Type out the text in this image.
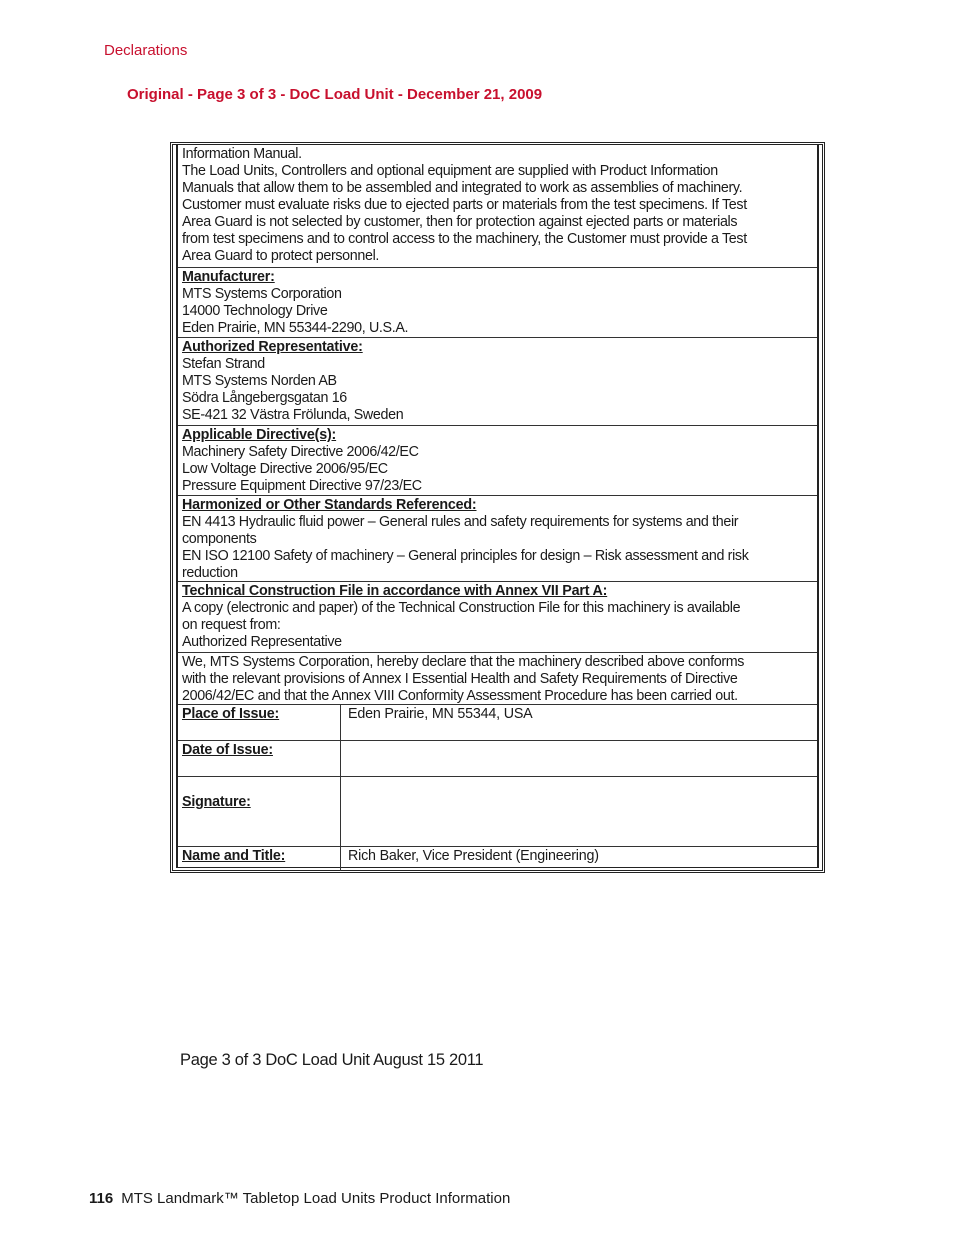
Declarations
Original - Page 3 of 3 - DoC Load Unit - December 21, 2009
Information Manual.
The Load Units, Controllers and optional equipment are supplied with Product Information
Manuals that allow them to be assembled and integrated to work as assemblies of machinery.
Customer must evaluate risks due to ejected parts or materials from the test specimens. If Test
Area Guard is not selected by customer, then for protection against ejected parts or materials
from test specimens and to control access to the machinery, the Customer must provide a Test
Area Guard to protect personnel.
Manufacturer:
MTS Systems Corporation
14000 Technology Drive
Eden Prairie, MN 55344-2290, U.S.A.
Authorized Representative:
Stefan Strand
MTS Systems Norden AB
Södra Långebergsgatan 16
SE-421 32 Västra Frölunda, Sweden
Applicable Directive(s):
Machinery Safety Directive 2006/42/EC
Low Voltage Directive 2006/95/EC
Pressure Equipment Directive 97/23/EC
Harmonized or Other Standards Referenced:
EN 4413 Hydraulic fluid power – General rules and safety requirements for systems and their
components
EN ISO 12100 Safety of machinery – General principles for design – Risk assessment and risk
reduction
Technical Construction File in accordance with Annex VII Part A:
A copy (electronic and paper) of the Technical Construction File for this machinery is available
on request from:
Authorized Representative
We, MTS Systems Corporation, hereby declare that the machinery described above conforms
with the relevant provisions of Annex I Essential Health and Safety Requirements of Directive
2006/42/EC and that the Annex VIII Conformity Assessment Procedure has been carried out.
Place of Issue:	Eden Prairie, MN 55344, USA
Date of Issue:
Signature:
Name and Title:	Rich Baker, Vice President (Engineering)
Page 3 of 3 DoC Load Unit August 15 2011
116 MTS Landmark™ Tabletop Load Units Product Information
